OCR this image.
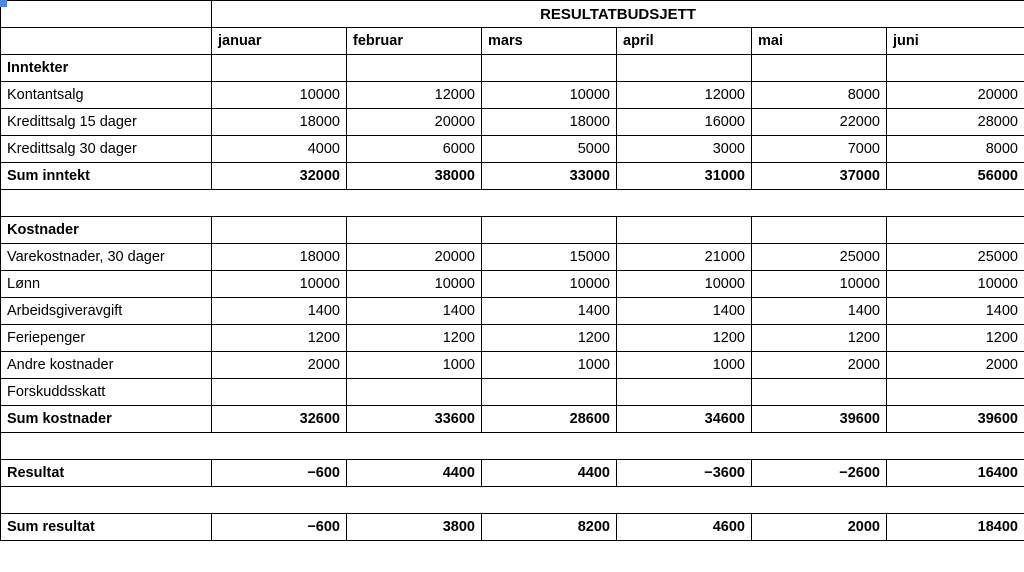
	RESULTATBUDSJETT					
	januar	februar	mars	april	mai	juni
Inntekter						
Kontantsalg	10000	12000	10000	12000	8000	20000
Kredittsalg 15 dager	18000	20000	18000	16000	22000	28000
Kredittsalg 30 dager	4000	6000	5000	3000	7000	8000
Sum inntekt	32000	38000	33000	31000	37000	56000

Kostnader						
Varekostnader, 30 dager	18000	20000	15000	21000	25000	25000
Lønn	10000	10000	10000	10000	10000	10000
Arbeidsgiveravgift	1400	1400	1400	1400	1400	1400
Feriepenger	1200	1200	1200	1200	1200	1200
Andre kostnader	2000	1000	1000	1000	2000	2000
Forskuddsskatt						
Sum kostnader	32600	33600	28600	34600	39600	39600

Resultat	−600	4400	4400	−3600	−2600	16400

Sum resultat	−600	3800	8200	4600	2000	18400
